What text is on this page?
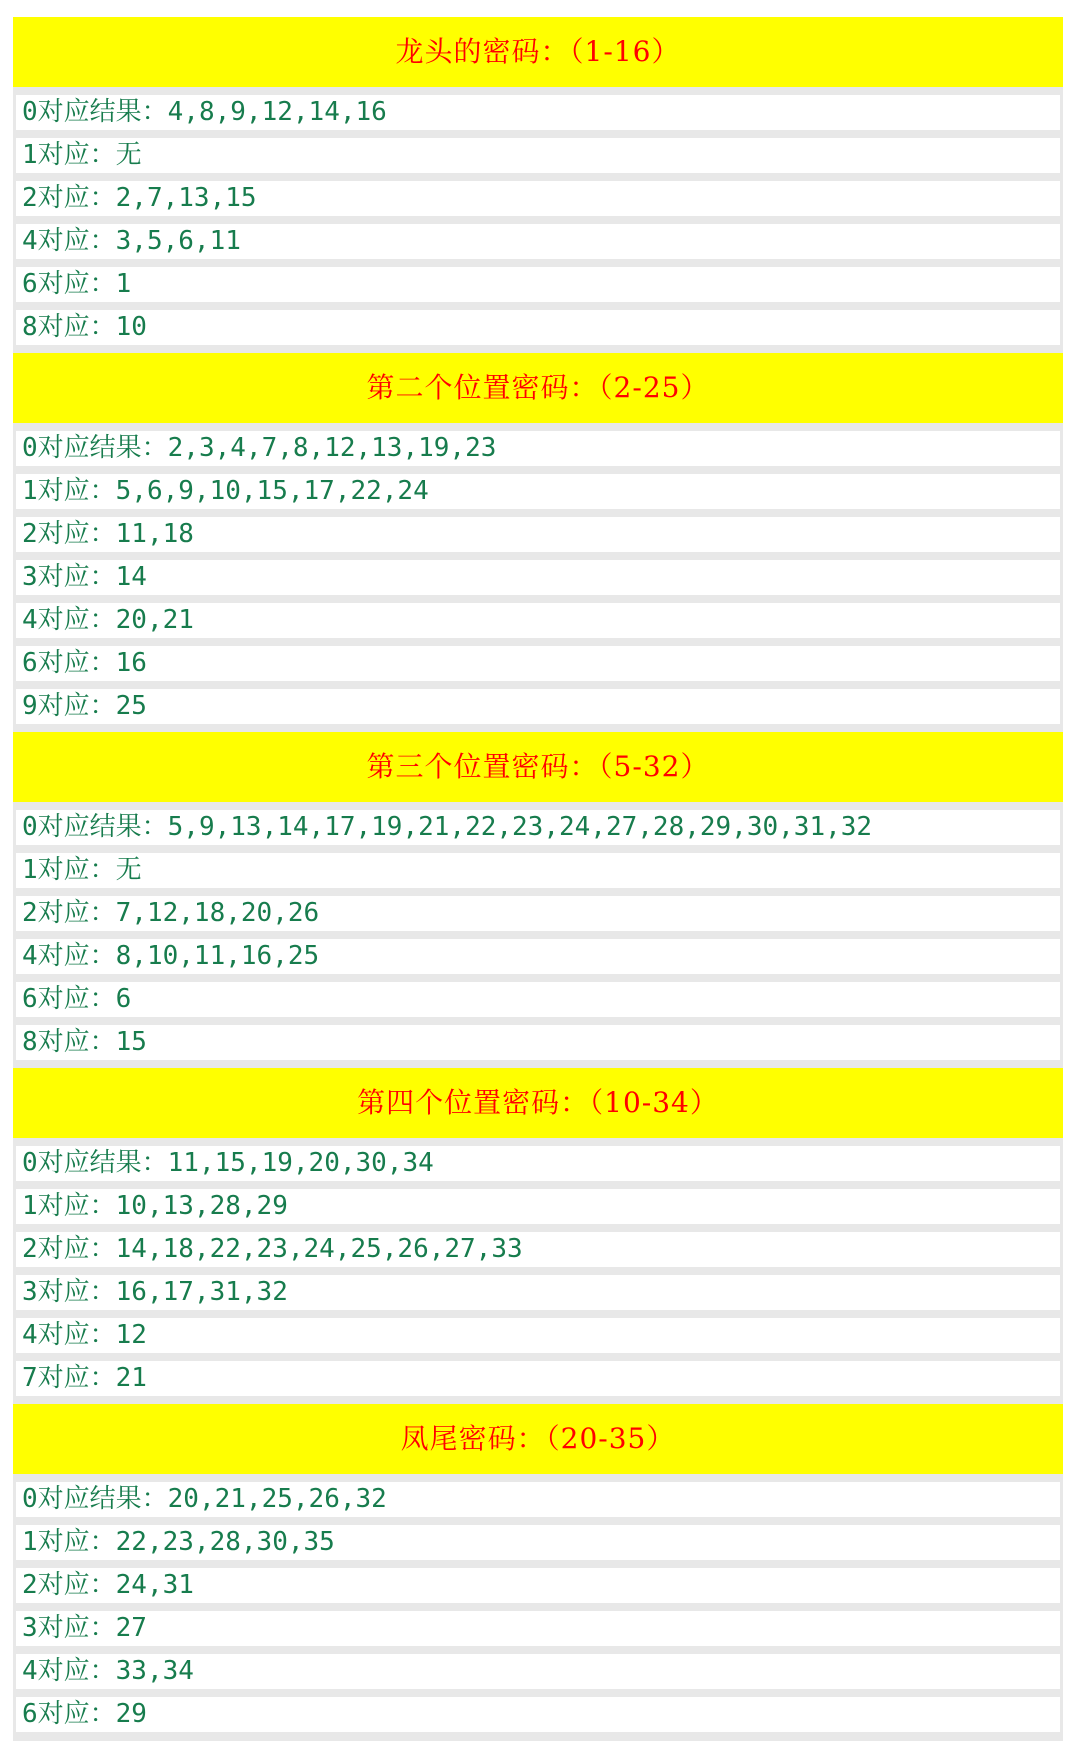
龙头的密码：（1-16）
0对应结果：4,8,9,12,14,16
1对应：无
2对应：2,7,13,15
4对应：3,5,6,11
6对应：1
8对应：10
第二个位置密码：（2-25）
0对应结果：2,3,4,7,8,12,13,19,23
1对应：5,6,9,10,15,17,22,24
2对应：11,18
3对应：14
4对应：20,21
6对应：16
9对应：25
第三个位置密码：（5-32）
0对应结果：5,9,13,14,17,19,21,22,23,24,27,28,29,30,31,32
1对应：无
2对应：7,12,18,20,26
4对应：8,10,11,16,25
6对应：6
8对应：15
第四个位置密码：（10-34）
0对应结果：11,15,19,20,30,34
1对应：10,13,28,29
2对应：14,18,22,23,24,25,26,27,33
3对应：16,17,31,32
4对应：12
7对应：21
凤尾密码：（20-35）
0对应结果：20,21,25,26,32
1对应：22,23,28,30,35
2对应：24,31
3对应：27
4对应：33,34
6对应：29
